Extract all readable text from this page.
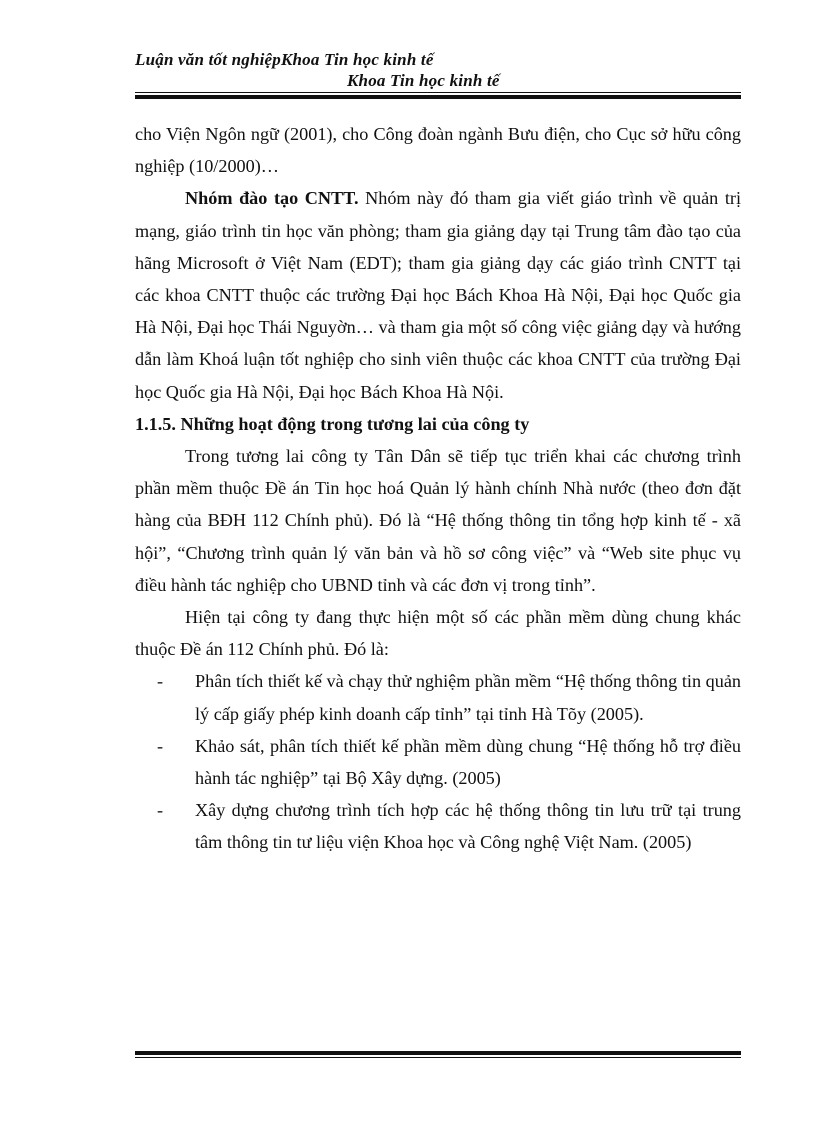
Luận văn tốt nghiệpKhoa Tin học kinh tế
Khoa Tin học kinh tế

cho Viện Ngôn ngữ (2001), cho Công đoàn ngành Bưu điện, cho Cục sở hữu công nghiệp (10/2000)…

Nhóm đào tạo CNTT. Nhóm này đó tham gia viết giáo trình về quản trị mạng, giáo trình tin học văn phòng; tham gia giảng dạy tại Trung tâm đào tạo của hãng Microsoft ở Việt Nam (EDT); tham gia giảng dạy các giáo trình CNTT tại các khoa CNTT thuộc các trường Đại học Bách Khoa Hà Nội, Đại học Quốc gia Hà Nội, Đại học Thái Nguyờn… và tham gia một số công việc giảng dạy và hướng dẫn làm Khoá luận tốt nghiệp cho sinh viên thuộc các khoa CNTT của trường Đại học Quốc gia Hà Nội, Đại học Bách Khoa Hà Nội.

1.1.5. Những hoạt động trong tương lai của công ty

Trong tương lai công ty Tân Dân sẽ tiếp tục triển khai các chương trình phần mềm thuộc Đề án Tin học hoá Quản lý hành chính Nhà nước (theo đơn đặt hàng của BĐH 112 Chính phủ). Đó là “Hệ thống thông tin tổng hợp kinh tế - xã hội”, “Chương trình quản lý văn bản và hồ sơ công việc” và “Web site phục vụ điều hành tác nghiệp cho UBND tỉnh và các đơn vị trong tỉnh”.

Hiện tại công ty đang thực hiện một số các phần mềm dùng chung khác thuộc Đề án 112 Chính phủ. Đó là:

- Phân tích thiết kế và chạy thử nghiệm phần mềm “Hệ thống thông tin quản lý cấp giấy phép kinh doanh cấp tỉnh” tại tỉnh Hà Tõy (2005).
- Khảo sát, phân tích thiết kế phần mềm dùng chung “Hệ thống hỗ trợ điều hành tác nghiệp” tại Bộ Xây dựng. (2005)
- Xây dựng chương trình tích hợp các hệ thống thông tin lưu trữ tại trung tâm thông tin tư liệu viện Khoa học và Công nghệ Việt Nam. (2005)
